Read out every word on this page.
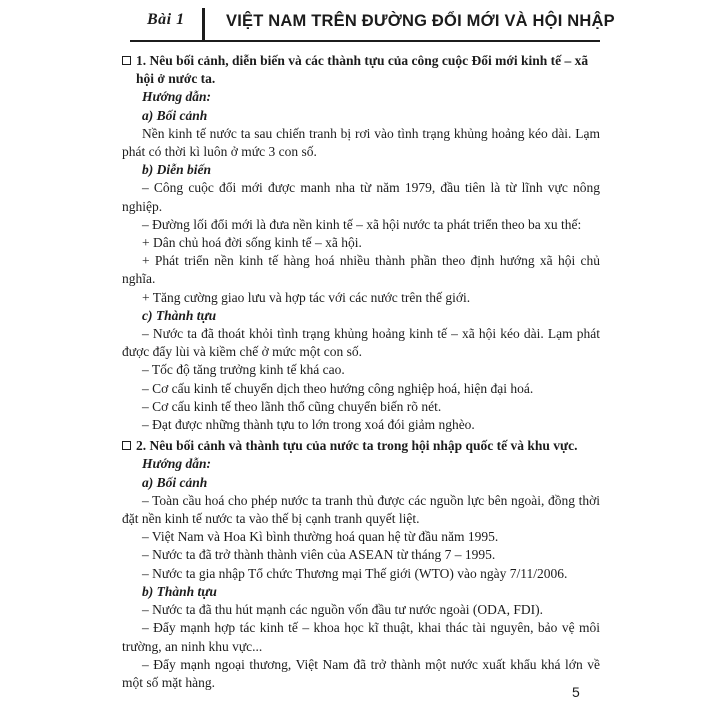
Bài 1	VIỆT NAM TRÊN ĐƯỜNG ĐỔI MỚI VÀ HỘI NHẬP

1. Nêu bối cảnh, diễn biến và các thành tựu của công cuộc Đổi mới kinh tế – xã hội ở nước ta.

Hướng dẫn:

a) Bối cảnh

Nền kinh tế nước ta sau chiến tranh bị rơi vào tình trạng khủng hoảng kéo dài. Lạm phát có thời kì luôn ở mức 3 con số.

b) Diễn biến

– Công cuộc đổi mới được manh nha từ năm 1979, đầu tiên là từ lĩnh vực nông nghiệp.

– Đường lối đổi mới là đưa nền kinh tế – xã hội nước ta phát triển theo ba xu thế:

+ Dân chủ hoá đời sống kinh tế – xã hội.

+ Phát triển nền kinh tế hàng hoá nhiều thành phần theo định hướng xã hội chủ nghĩa.

+ Tăng cường giao lưu và hợp tác với các nước trên thế giới.

c) Thành tựu

– Nước ta đã thoát khỏi tình trạng khủng hoảng kinh tế – xã hội kéo dài. Lạm phát được đẩy lùi và kiềm chế ở mức một con số.

– Tốc độ tăng trưởng kinh tế khá cao.

– Cơ cấu kinh tế chuyển dịch theo hướng công nghiệp hoá, hiện đại hoá.

– Cơ cấu kinh tế theo lãnh thổ cũng chuyển biến rõ nét.

– Đạt được những thành tựu to lớn trong xoá đói giảm nghèo.

2. Nêu bối cảnh và thành tựu của nước ta trong hội nhập quốc tế và khu vực.

Hướng dẫn:

a) Bối cảnh

– Toàn cầu hoá cho phép nước ta tranh thủ được các nguồn lực bên ngoài, đồng thời đặt nền kinh tế nước ta vào thế bị cạnh tranh quyết liệt.

– Việt Nam và Hoa Kì bình thường hoá quan hệ từ đầu năm 1995.

– Nước ta đã trở thành thành viên của ASEAN từ tháng 7 – 1995.

– Nước ta gia nhập Tổ chức Thương mại Thế giới (WTO) vào ngày 7/11/2006.

b) Thành tựu

– Nước ta đã thu hút mạnh các nguồn vốn đầu tư nước ngoài (ODA, FDI).

– Đẩy mạnh hợp tác kinh tế – khoa học kĩ thuật, khai thác tài nguyên, bảo vệ môi trường, an ninh khu vực...

– Đẩy mạnh ngoại thương, Việt Nam đã trở thành một nước xuất khẩu khá lớn về một số mặt hàng.

5
